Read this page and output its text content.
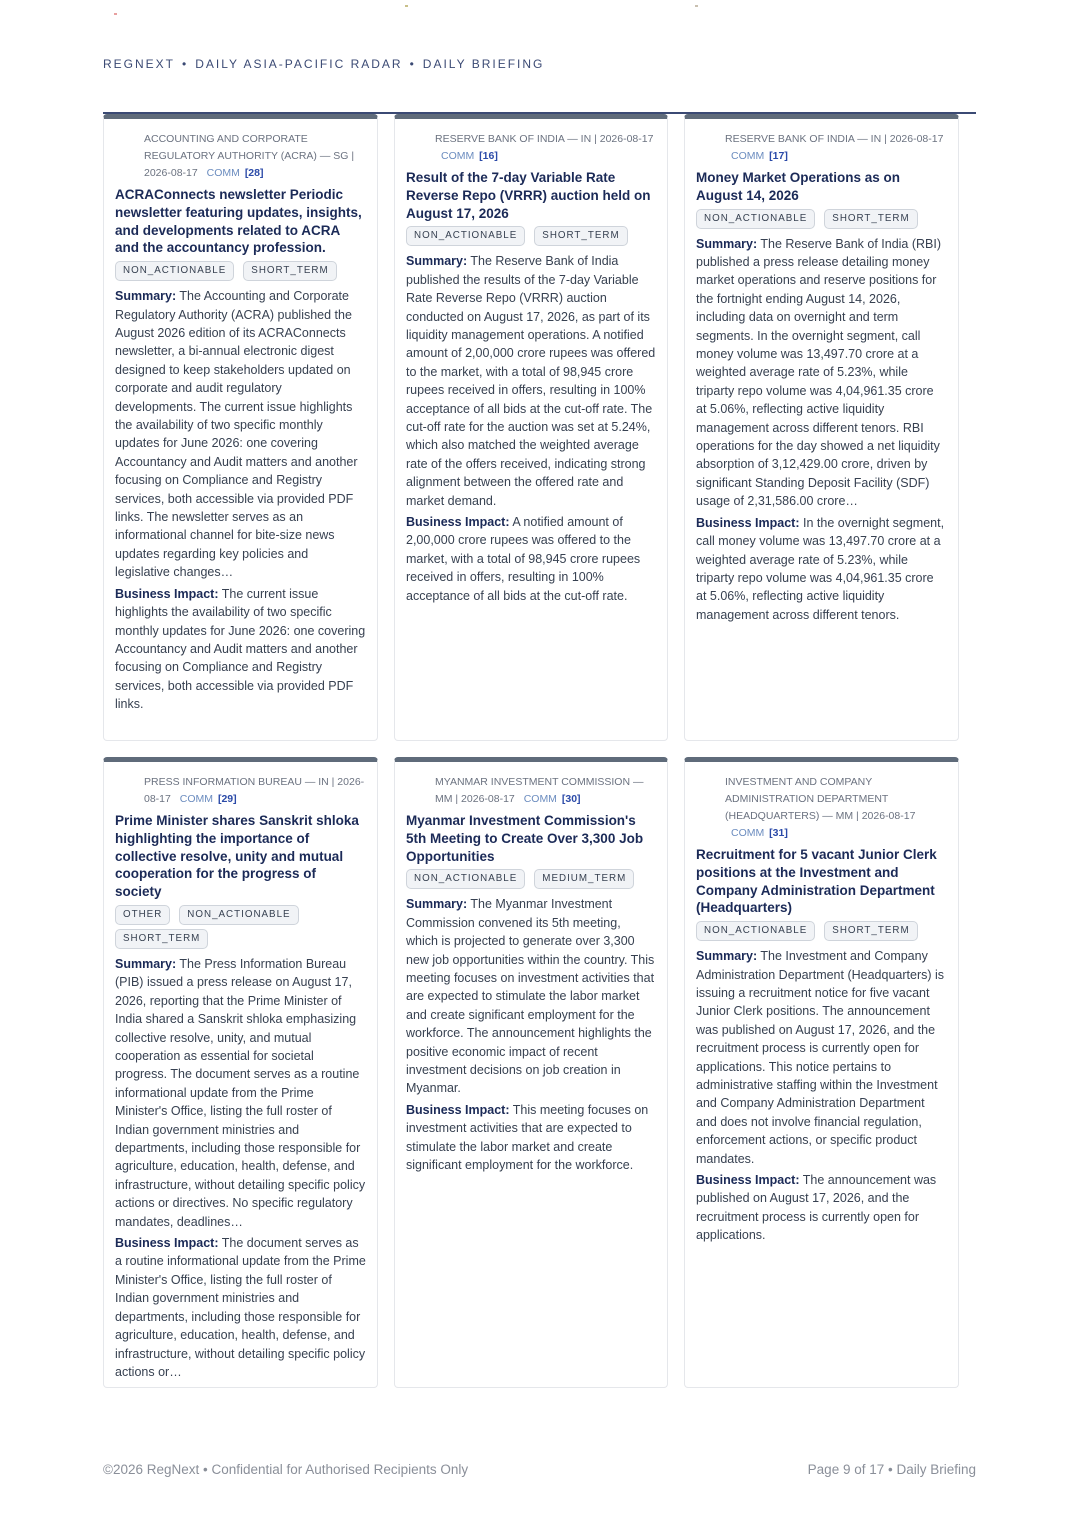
REGNEXT • DAILY ASIA-PACIFIC RADAR • DAILY BRIEFING
ACCOUNTING AND CORPORATE REGULATORY AUTHORITY (ACRA) — SG | 2026-08-17 COMM [28]
ACRAConnects newsletter Periodic newsletter featuring updates, insights, and developments related to ACRA and the accountancy profession.
NON_ACTIONABLE	SHORT_TERM

Summary: The Accounting and Corporate Regulatory Authority (ACRA) published the August 2026 edition of its ACRAConnects newsletter, a bi-annual electronic digest designed to keep stakeholders updated on corporate and audit regulatory developments. The current issue highlights the availability of two specific monthly updates for June 2026: one covering Accountancy and Audit matters and another focusing on Compliance and Registry services, both accessible via provided PDF links. The newsletter serves as an informational channel for bite-size news updates regarding key policies and legislative changes…

Business Impact: The current issue highlights the availability of two specific monthly updates for June 2026: one covering Accountancy and Audit matters and another focusing on Compliance and Registry services, both accessible via provided PDF links.

RESERVE BANK OF INDIA — IN | 2026-08-17 COMM [16]
Result of the 7-day Variable Rate Reverse Repo (VRRR) auction held on August 17, 2026
NON_ACTIONABLE	SHORT_TERM

Summary: The Reserve Bank of India published the results of the 7-day Variable Rate Reverse Repo (VRRR) auction conducted on August 17, 2026, as part of its liquidity management operations. A notified amount of 2,00,000 crore rupees was offered to the market, with a total of 98,945 crore rupees received in offers, resulting in 100% acceptance of all bids at the cut-off rate. The cut-off rate for the auction was set at 5.24%, which also matched the weighted average rate of the offers received, indicating strong alignment between the offered rate and market demand.

Business Impact: A notified amount of 2,00,000 crore rupees was offered to the market, with a total of 98,945 crore rupees received in offers, resulting in 100% acceptance of all bids at the cut-off rate.

RESERVE BANK OF INDIA — IN | 2026-08-17 COMM [17]
Money Market Operations as on August 14, 2026
NON_ACTIONABLE	SHORT_TERM

Summary: The Reserve Bank of India (RBI) published a press release detailing money market operations and reserve positions for the fortnight ending August 14, 2026, including data on overnight and term segments. In the overnight segment, call money volume was 13,497.70 crore at a weighted average rate of 5.23%, while triparty repo volume was 4,04,961.35 crore at 5.06%, reflecting active liquidity management across different tenors. RBI operations for the day showed a net liquidity absorption of 3,12,429.00 crore, driven by significant Standing Deposit Facility (SDF) usage of 2,31,586.00 crore…

Business Impact: In the overnight segment, call money volume was 13,497.70 crore at a weighted average rate of 5.23%, while triparty repo volume was 4,04,961.35 crore at 5.06%, reflecting active liquidity management across different tenors.

PRESS INFORMATION BUREAU — IN | 2026-08-17 COMM [29]
Prime Minister shares Sanskrit shloka highlighting the importance of collective resolve, unity and mutual cooperation for the progress of society
OTHER	NON_ACTIONABLE
SHORT_TERM

Summary: The Press Information Bureau (PIB) issued a press release on August 17, 2026, reporting that the Prime Minister of India shared a Sanskrit shloka emphasizing collective resolve, unity, and mutual cooperation as essential for societal progress. The document serves as a routine informational update from the Prime Minister's Office, listing the full roster of Indian government ministries and departments, including those responsible for agriculture, education, health, defense, and infrastructure, without detailing specific policy actions or directives. No specific regulatory mandates, deadlines…

Business Impact: The document serves as a routine informational update from the Prime Minister's Office, listing the full roster of Indian government ministries and departments, including those responsible for agriculture, education, health, defense, and infrastructure, without detailing specific policy actions or…

MYANMAR INVESTMENT COMMISSION — MM | 2026-08-17 COMM [30]
Myanmar Investment Commission's 5th Meeting to Create Over 3,300 Job Opportunities
NON_ACTIONABLE	MEDIUM_TERM

Summary: The Myanmar Investment Commission convened its 5th meeting, which is projected to generate over 3,300 new job opportunities within the country. This meeting focuses on investment activities that are expected to stimulate the labor market and create significant employment for the workforce. The announcement highlights the positive economic impact of recent investment decisions on job creation in Myanmar.

Business Impact: This meeting focuses on investment activities that are expected to stimulate the labor market and create significant employment for the workforce.

INVESTMENT AND COMPANY ADMINISTRATION DEPARTMENT (HEADQUARTERS) — MM | 2026-08-17 COMM [31]
Recruitment for 5 vacant Junior Clerk positions at the Investment and Company Administration Department (Headquarters)
NON_ACTIONABLE	SHORT_TERM

Summary: The Investment and Company Administration Department (Headquarters) is issuing a recruitment notice for five vacant Junior Clerk positions. The announcement was published on August 17, 2026, and the recruitment process is currently open for applications. This notice pertains to administrative staffing within the Investment and Company Administration Department and does not involve financial regulation, enforcement actions, or specific product mandates.

Business Impact: The announcement was published on August 17, 2026, and the recruitment process is currently open for applications.

©2026 RegNext • Confidential for Authorised Recipients Only	Page 9 of 17 • Daily Briefing
